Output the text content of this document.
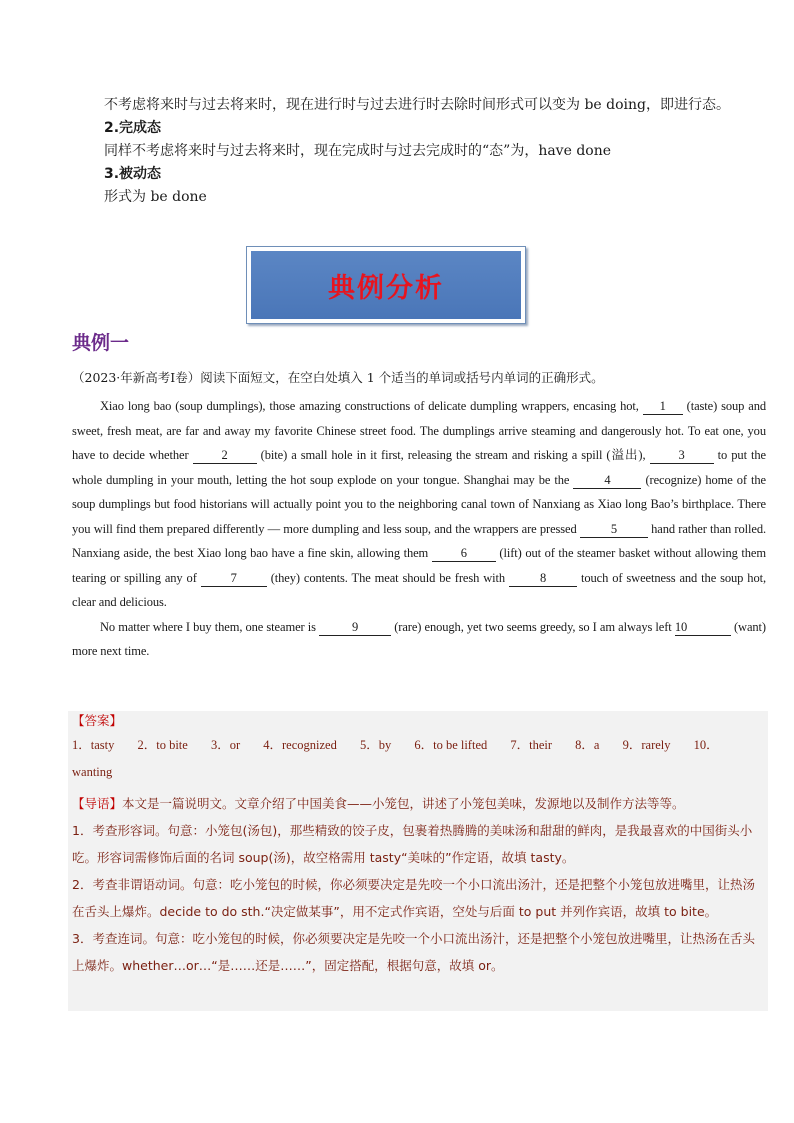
不考虑将来时与过去将来时，现在进行时与过去进行时去除时间形式可以变为 be doing，即进行态。
2.完成态
同样不考虑将来时与过去将来时，现在完成时与过去完成时的“态”为，have done
3.被动态
形式为 be done
典例分析
典例一
（2023·年新高考Ⅰ卷）阅读下面短文，在空白处填入 1 个适当的单词或括号内单词的正确形式。
Xiao long bao (soup dumplings), those amazing constructions of delicate dumpling wrappers, encasing hot, 1 (taste) soup and sweet, fresh meat, are far and away my favorite Chinese street food. The dumplings arrive steaming and dangerously hot. To eat one, you have to decide whether 2 (bite) a small hole in it first, releasing the stream and risking a spill (溢出), 3 to put the whole dumpling in your mouth, letting the hot soup explode on your tongue. Shanghai may be the 4 (recognize) home of the soup dumplings but food historians will actually point you to the neighboring canal town of Nanxiang as Xiao long Bao’s birthplace. There you will find them prepared differently — more dumpling and less soup, and the wrappers are pressed 5 hand rather than rolled. Nanxiang aside, the best Xiao long bao have a fine skin, allowing them 6 (lift) out of the steamer basket without allowing them tearing or spilling any of 7 (they) contents. The meat should be fresh with 8 touch of sweetness and the soup hot, clear and delicious.
No matter where I buy them, one steamer is	9	(rare) enough, yet two seems greedy, so I am always left 10	(want) more next time.
【答案】
1．tasty 2．to bite 3．or 4．recognized 5．by 6．to be lifted 7．their 8．a 9．rarely 10．wanting
【导语】本文是一篇说明文。文章介绍了中国美食——小笼包，讲述了小笼包美味，发源地以及制作方法等等。
1．考查形容词。句意：小笼包(汤包)，那些精致的饺子皮，包裹着热腾腾的美味汤和甜甜的鲜肉，是我最喜欢的中国街头小吃。形容词需修饰后面的名词 soup(汤)，故空格需用 tasty“美味的”作定语，故填 tasty。
2．考查非谓语动词。句意：吃小笼包的时候，你必须要决定是先咬一个小口流出汤汁，还是把整个小笼包放进嘴里，让热汤在舌头上爆炸。decide to do sth.“决定做某事”，用不定式作宾语，空处与后面 to put 并列作宾语，故填 to bite。
3．考查连词。句意：吃小笼包的时候，你必须要决定是先咬一个小口流出汤汁，还是把整个小笼包放进嘴里，让热汤在舌头上爆炸。whether…or…“是……还是……”，固定搭配，根据句意，故填 or。
